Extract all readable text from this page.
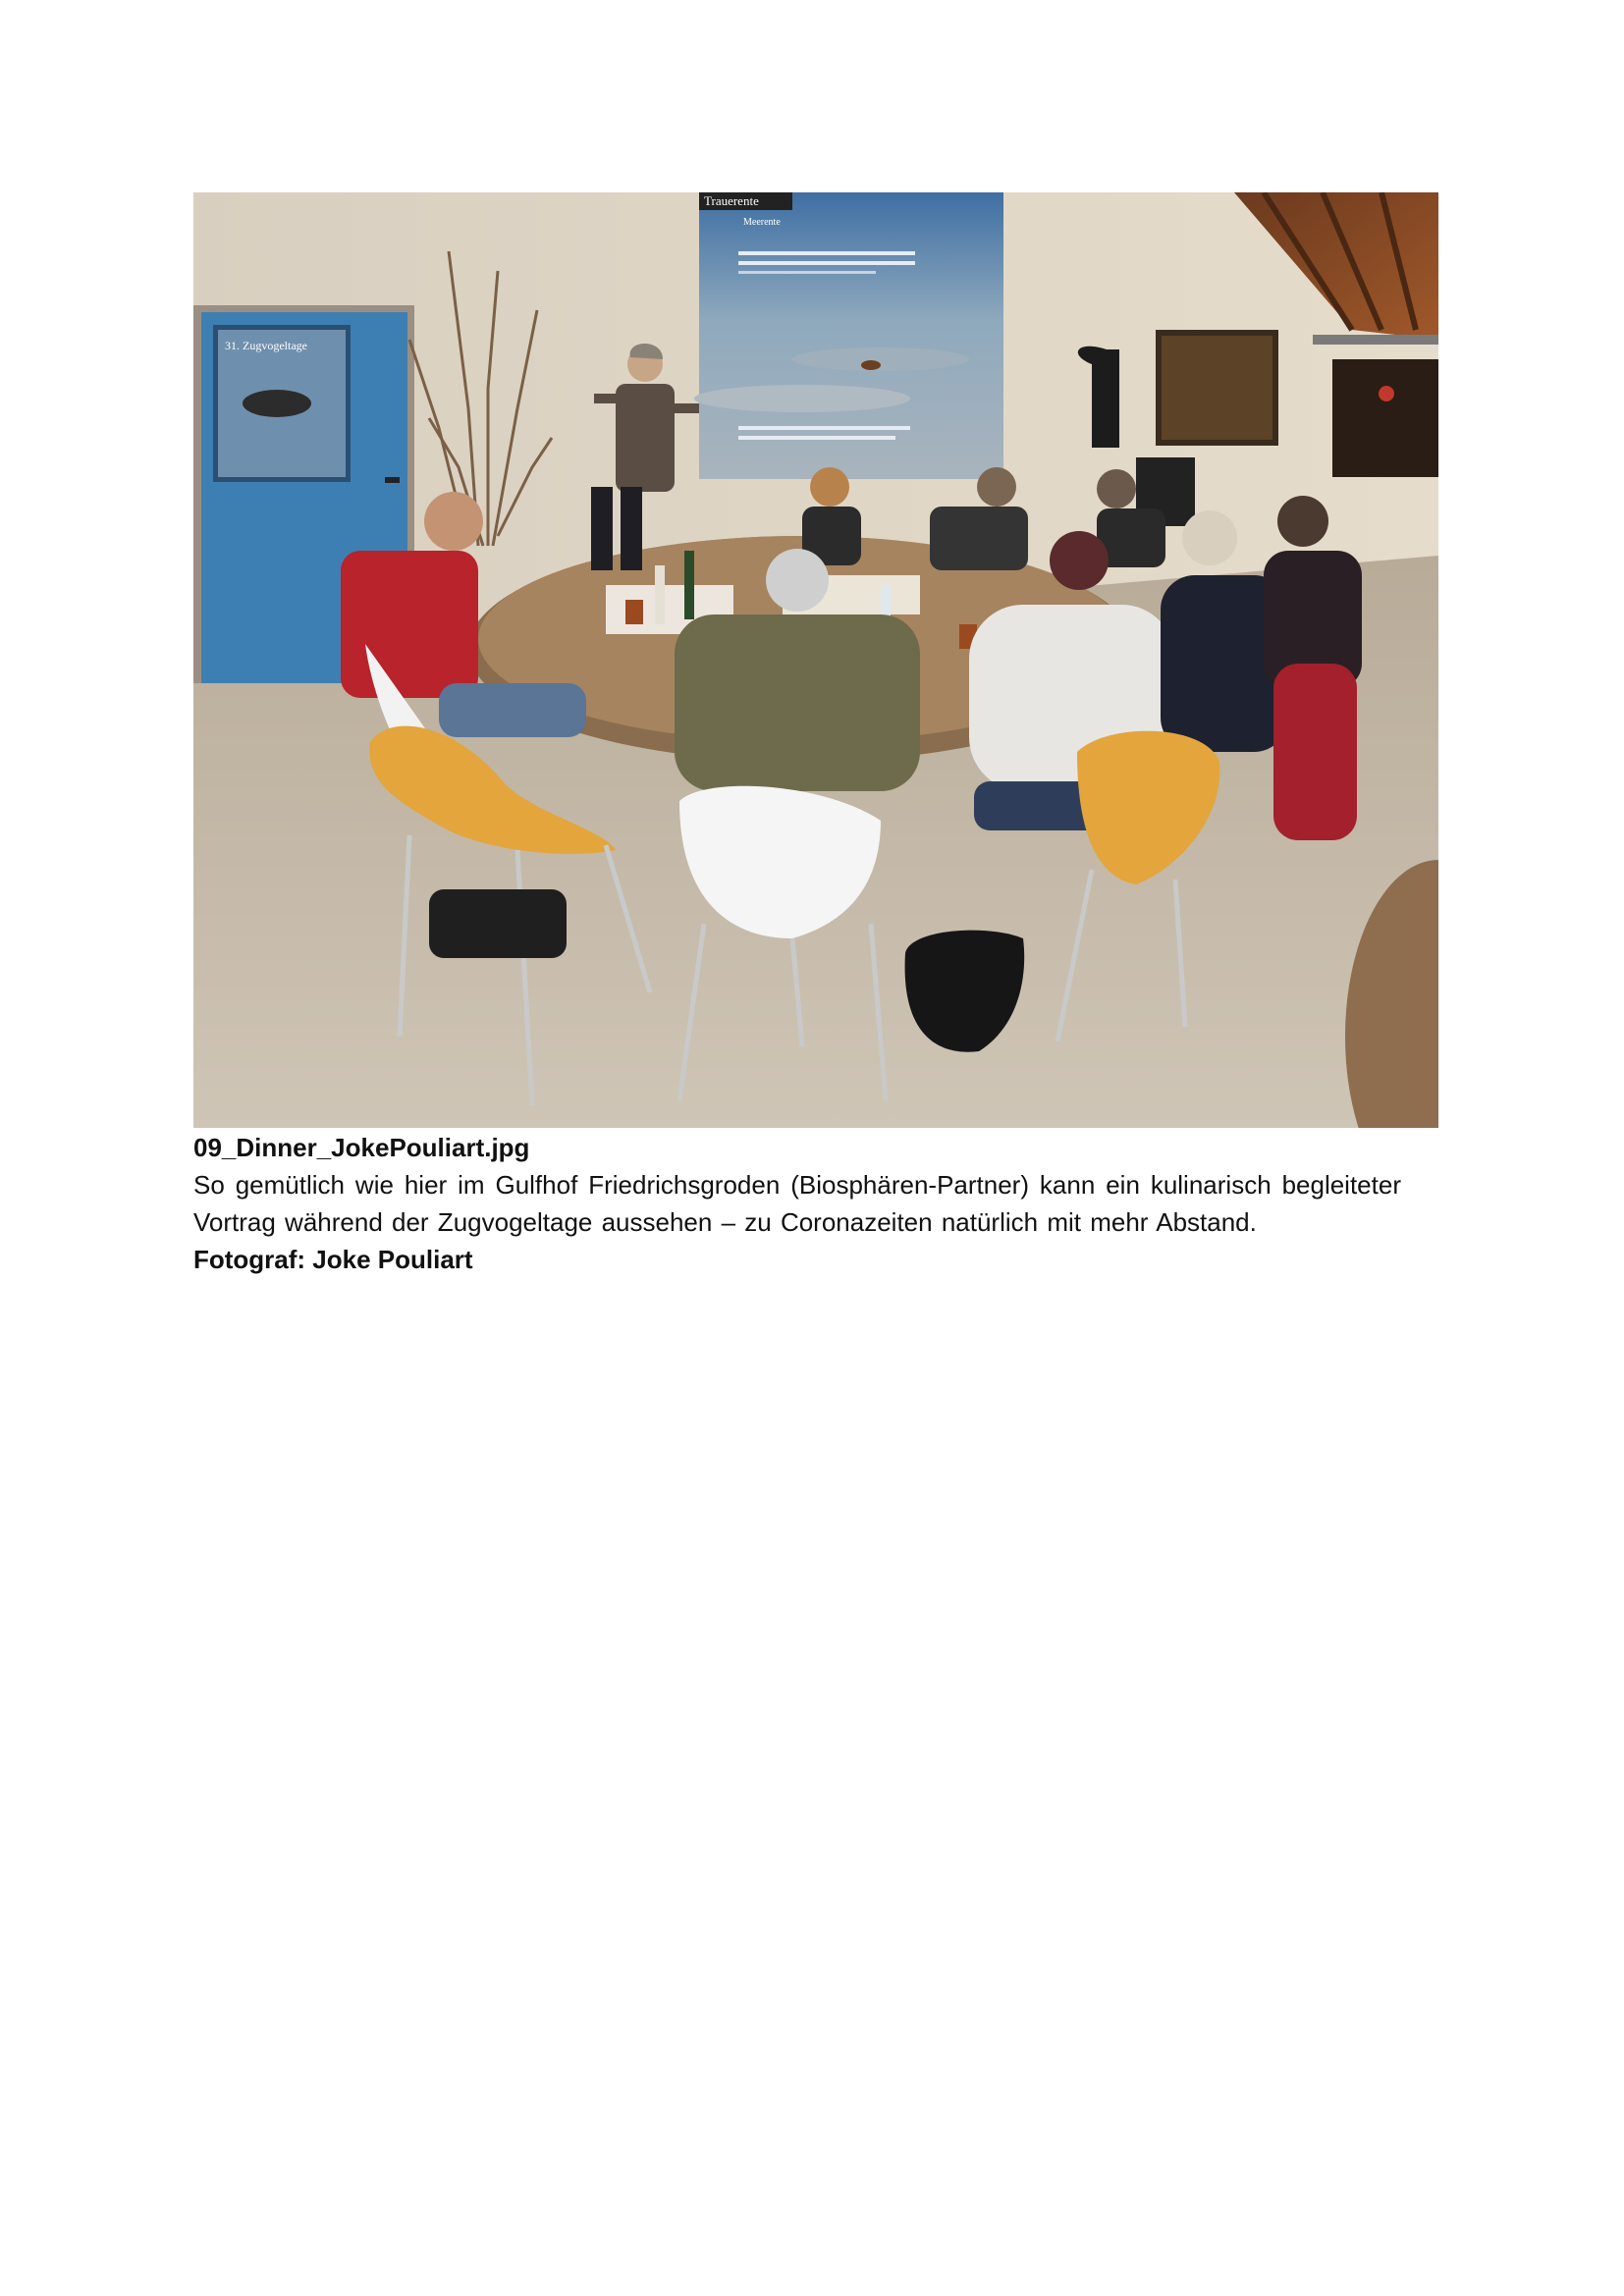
31. Zugvogeltage
Trauerente
Meerente
09_Dinner_JokePouliart.jpg
So gemütlich wie hier im Gulfhof Friedrichsgroden (Biosphären-Partner) kann ein kulinarisch begleiteter Vortrag während der Zugvogeltage aussehen – zu Coronazeiten natürlich mit mehr Abstand.
Fotograf: Joke Pouliart
